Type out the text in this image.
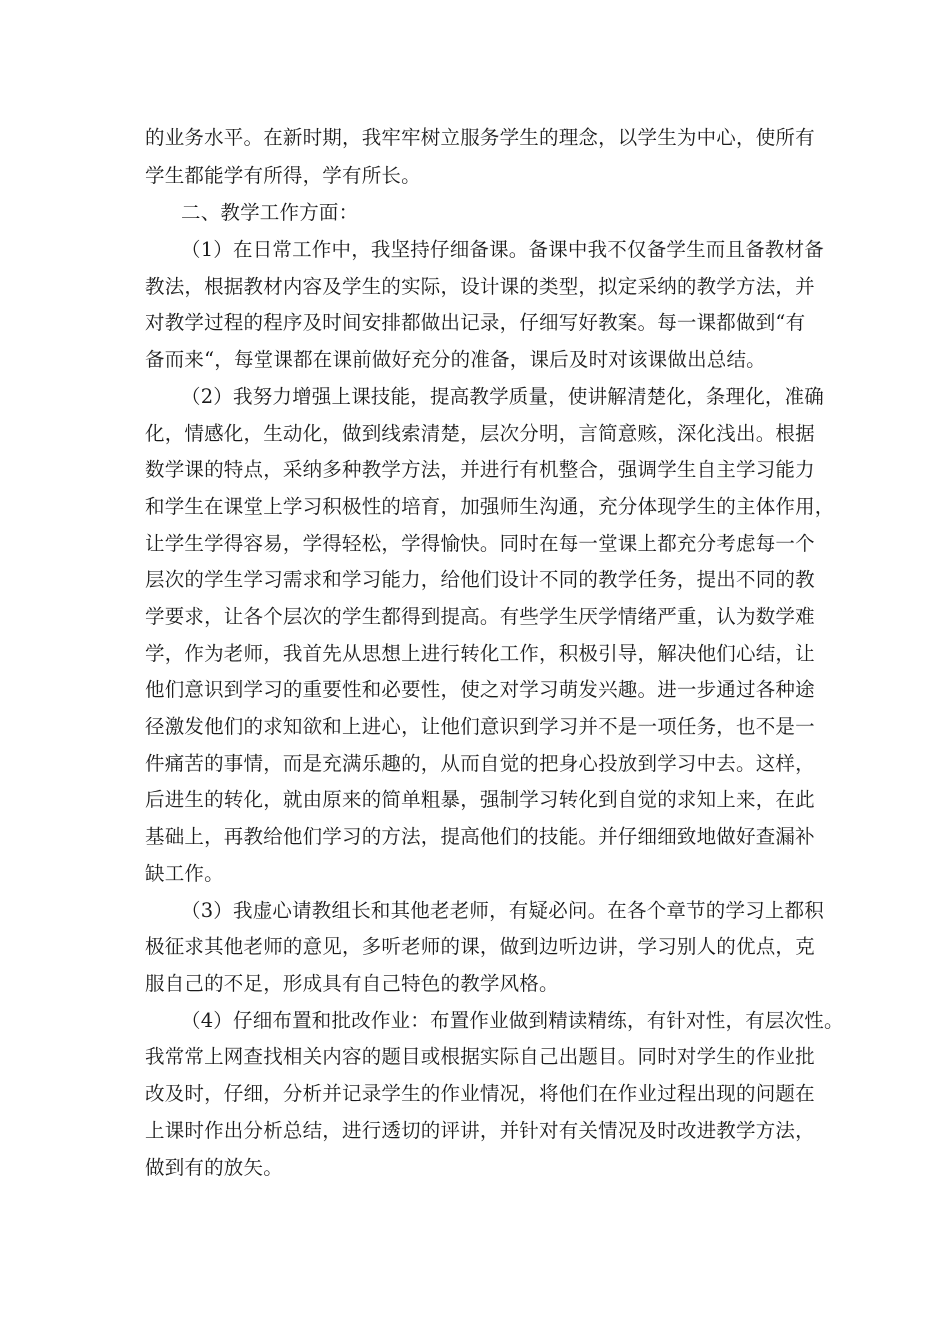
的业务水平。在新时期，我牢牢树立服务学生的理念，以学生为中心，使所有
学生都能学有所得，学有所长。
二、教学工作方面：
（1）在日常工作中，我坚持仔细备课。备课中我不仅备学生而且备教材备
教法，根据教材内容及学生的实际，设计课的类型，拟定采纳的教学方法，并
对教学过程的程序及时间安排都做出记录，仔细写好教案。每一课都做到“有
备而来“，每堂课都在课前做好充分的准备，课后及时对该课做出总结。
（2）我努力增强上课技能，提高教学质量，使讲解清楚化，条理化，准确
化，情感化，生动化，做到线索清楚，层次分明，言简意赅，深化浅出。根据
数学课的特点，采纳多种教学方法，并进行有机整合，强调学生自主学习能力
和学生在课堂上学习积极性的培育，加强师生沟通，充分体现学生的主体作用，
让学生学得容易，学得轻松，学得愉快。同时在每一堂课上都充分考虑每一个
层次的学生学习需求和学习能力，给他们设计不同的教学任务，提出不同的教
学要求，让各个层次的学生都得到提高。有些学生厌学情绪严重，认为数学难
学，作为老师，我首先从思想上进行转化工作，积极引导，解决他们心结，让
他们意识到学习的重要性和必要性，使之对学习萌发兴趣。进一步通过各种途
径激发他们的求知欲和上进心，让他们意识到学习并不是一项任务，也不是一
件痛苦的事情，而是充满乐趣的，从而自觉的把身心投放到学习中去。这样，
后进生的转化，就由原来的简单粗暴，强制学习转化到自觉的求知上来，在此
基础上，再教给他们学习的方法，提高他们的技能。并仔细细致地做好查漏补
缺工作。
（3）我虚心请教组长和其他老老师，有疑必问。在各个章节的学习上都积
极征求其他老师的意见，多听老师的课，做到边听边讲，学习别人的优点，克
服自己的不足，形成具有自己特色的教学风格。
（4）仔细布置和批改作业：布置作业做到精读精练，有针对性，有层次性。
我常常上网查找相关内容的题目或根据实际自己出题目。同时对学生的作业批
改及时，仔细，分析并记录学生的作业情况，将他们在作业过程出现的问题在
上课时作出分析总结，进行透切的评讲，并针对有关情况及时改进教学方法，
做到有的放矢。
